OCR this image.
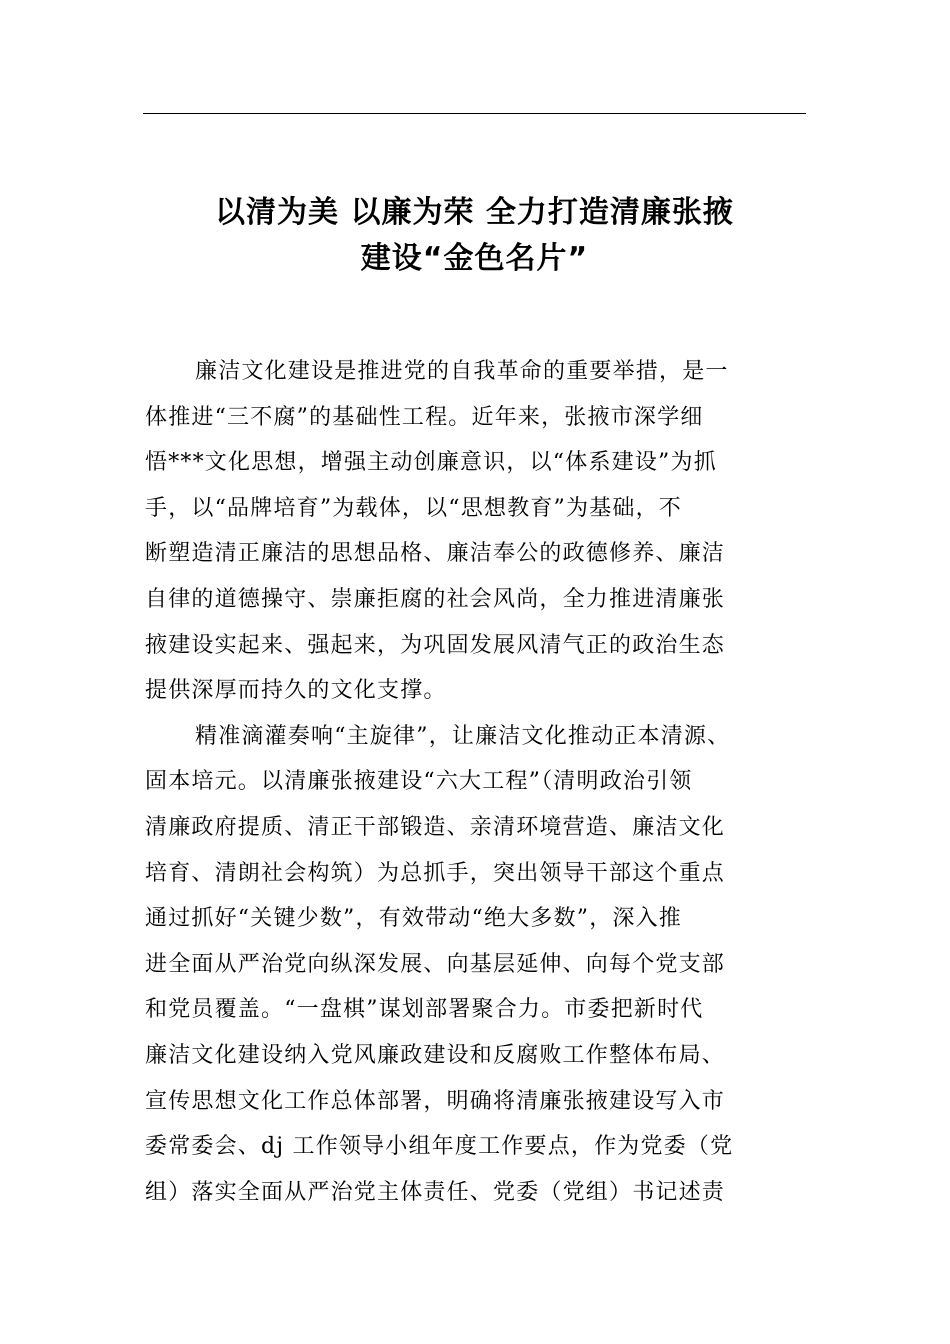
以清为美 以廉为荣 全力打造清廉张掖
建设“金色名片”
廉洁文化建设是推进党的自我革命的重要举措，是一
体推进“三不腐”的基础性工程。近年来，张掖市深学细
悟***文化思想，增强主动创廉意识，以“体系建设”为抓
手，以“品牌培育”为载体，以“思想教育”为基础，不
断塑造清正廉洁的思想品格、廉洁奉公的政德修养、廉洁
自律的道德操守、崇廉拒腐的社会风尚，全力推进清廉张
掖建设实起来、强起来，为巩固发展风清气正的政治生态
提供深厚而持久的文化支撑。
精准滴灌奏响“主旋律”，让廉洁文化推动正本清源、
固本培元。以清廉张掖建设“六大工程”（清明政治引领
清廉政府提质、清正干部锻造、亲清环境营造、廉洁文化
培育、清朗社会构筑）为总抓手，突出领导干部这个重点
通过抓好“关键少数”，有效带动“绝大多数”，深入推
进全面从严治党向纵深发展、向基层延伸、向每个党支部
和党员覆盖。“一盘棋”谋划部署聚合力。市委把新时代
廉洁文化建设纳入党风廉政建设和反腐败工作整体布局、
宣传思想文化工作总体部署，明确将清廉张掖建设写入市
委常委会、dj 工作领导小组年度工作要点，作为党委（党
组）落实全面从严治党主体责任、党委（党组）书记述责
